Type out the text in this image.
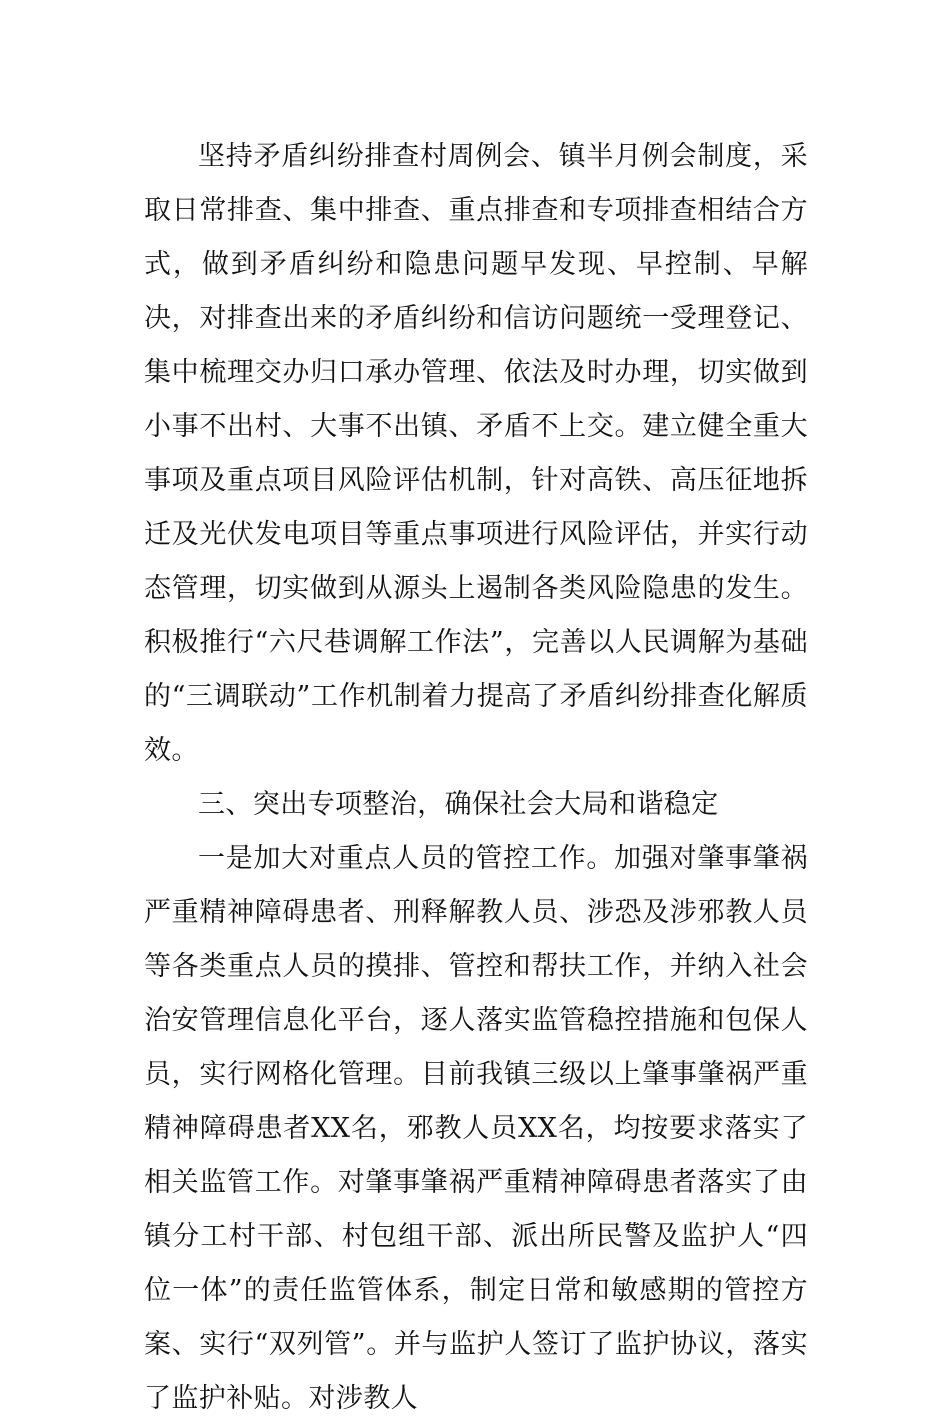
坚持矛盾纠纷排查村周例会、镇半月例会制度，采取日常排查、集中排查、重点排查和专项排查相结合方式，做到矛盾纠纷和隐患问题早发现、早控制、早解决，对排查出来的矛盾纠纷和信访问题统一受理登记、集中梳理交办归口承办管理、依法及时办理，切实做到小事不出村、大事不出镇、矛盾不上交。建立健全重大事项及重点项目风险评估机制，针对高铁、高压征地拆迁及光伏发电项目等重点事项进行风险评估，并实行动态管理，切实做到从源头上遏制各类风险隐患的发生。积极推行“六尺巷调解工作法”，完善以人民调解为基础的“三调联动”工作机制着力提高了矛盾纠纷排查化解质效。

三、突出专项整治，确保社会大局和谐稳定

一是加大对重点人员的管控工作。加强对肇事肇祸严重精神障碍患者、刑释解教人员、涉恐及涉邪教人员等各类重点人员的摸排、管控和帮扶工作，并纳入社会治安管理信息化平台，逐人落实监管稳控措施和包保人员，实行网格化管理。目前我镇三级以上肇事肇祸严重精神障碍患者XX名，邪教人员XX名，均按要求落实了相关监管工作。对肇事肇祸严重精神障碍患者落实了由镇分工村干部、村包组干部、派出所民警及监护人“四位一体”的责任监管体系，制定日常和敏感期的管控方案、实行“双列管”。并与监护人签订了监护协议，落实了监护补贴。对涉教人
